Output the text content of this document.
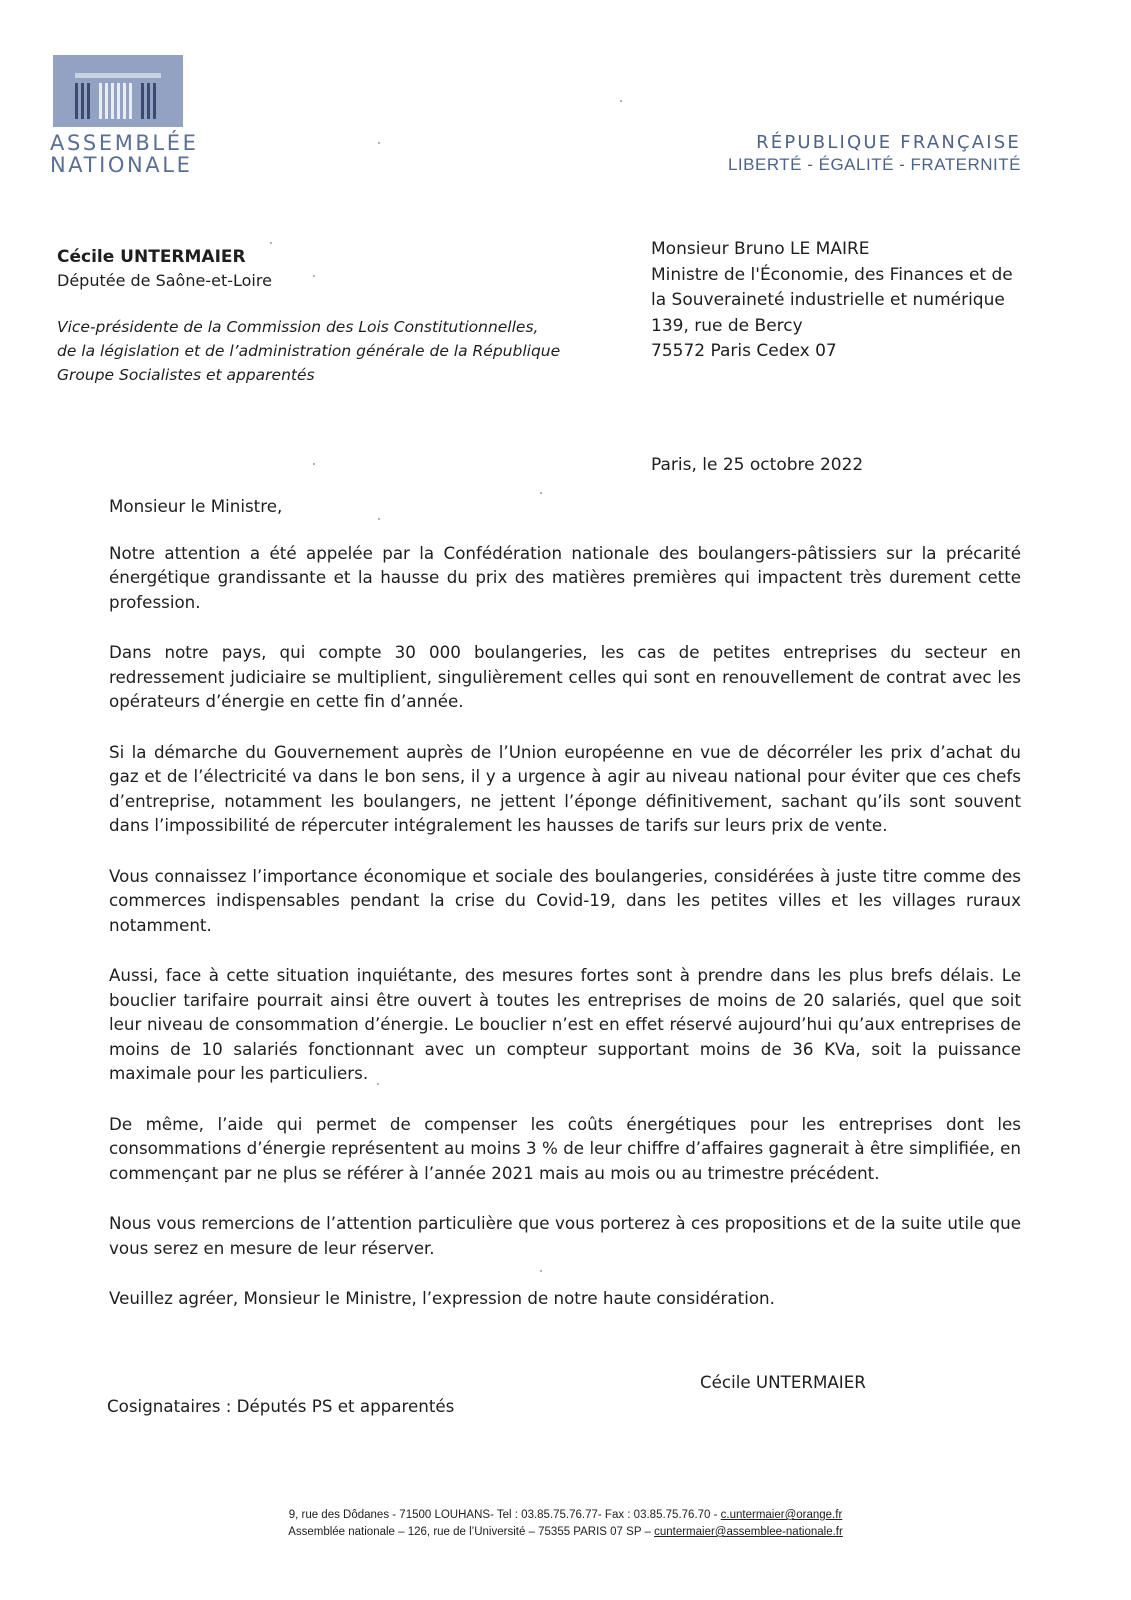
ASSEMBLÉE
NATIONALE
RÉPUBLIQUE FRANÇAISE
LIBERTÉ - ÉGALITÉ - FRATERNITÉ
Cécile UNTERMAIER
Députée de Saône-et-Loire
Vice-présidente de la Commission des Lois Constitutionnelles,
de la législation et de l’administration générale de la République
Groupe Socialistes et apparentés
Monsieur Bruno LE MAIRE
Ministre de l'Économie, des Finances et de
la Souveraineté industrielle et numérique
139, rue de Bercy
75572 Paris Cedex 07
Paris, le 25 octobre 2022

Monsieur le Ministre,

Notre attention a été appelée par la Confédération nationale des boulangers-pâtissiers sur la précarité énergétique grandissante et la hausse du prix des matières premières qui impactent très durement cette profession.

Dans notre pays, qui compte 30 000 boulangeries, les cas de petites entreprises du secteur en redressement judiciaire se multiplient, singulièrement celles qui sont en renouvellement de contrat avec les opérateurs d’énergie en cette fin d’année.

Si la démarche du Gouvernement auprès de l’Union européenne en vue de décorréler les prix d’achat du gaz et de l’électricité va dans le bon sens, il y a urgence à agir au niveau national pour éviter que ces chefs d’entreprise, notamment les boulangers, ne jettent l’éponge définitivement, sachant qu’ils sont souvent dans l’impossibilité de répercuter intégralement les hausses de tarifs sur leurs prix de vente.

Vous connaissez l’importance économique et sociale des boulangeries, considérées à juste titre comme des commerces indispensables pendant la crise du Covid-19, dans les petites villes et les villages ruraux notamment.

Aussi, face à cette situation inquiétante, des mesures fortes sont à prendre dans les plus brefs délais. Le bouclier tarifaire pourrait ainsi être ouvert à toutes les entreprises de moins de 20 salariés, quel que soit leur niveau de consommation d’énergie. Le bouclier n’est en effet réservé aujourd’hui qu’aux entreprises de moins de 10 salariés fonctionnant avec un compteur supportant moins de 36 KVa, soit la puissance maximale pour les particuliers.

De même, l’aide qui permet de compenser les coûts énergétiques pour les entreprises dont les consommations d’énergie représentent au moins 3 % de leur chiffre d’affaires gagnerait à être simplifiée, en commençant par ne plus se référer à l’année 2021 mais au mois ou au trimestre précédent.

Nous vous remercions de l’attention particulière que vous porterez à ces propositions et de la suite utile que vous serez en mesure de leur réserver.

Veuillez agréer, Monsieur le Ministre, l’expression de notre haute considération.

Cécile UNTERMAIER
Cosignataires : Députés PS et apparentés
9, rue des Dôdanes - 71500 LOUHANS- Tel : 03.85.75.76.77- Fax : 03.85.75.76.70 - c.untermaier@orange.fr
Assemblée nationale – 126, rue de l’Université – 75355 PARIS 07 SP – cuntermaier@assemblee-nationale.fr
